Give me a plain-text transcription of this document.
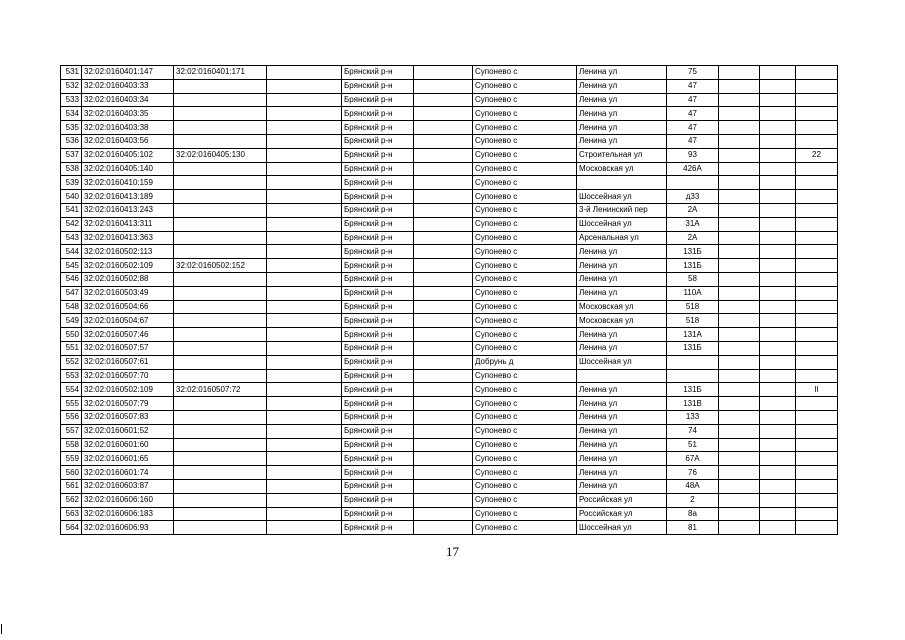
531	32:02:0160401:147	32:02:0160401:171		Брянский р-н		Супонево с	Ленина ул	75			
532	32:02:0160403:33			Брянский р-н		Супонево с	Ленина ул	47			
533	32:02:0160403:34			Брянский р-н		Супонево с	Ленина ул	47			
534	32:02:0160403:35			Брянский р-н		Супонево с	Ленина ул	47			
535	32:02:0160403:38			Брянский р-н		Супонево с	Ленина ул	47			
536	32:02:0160403:56			Брянский р-н		Супонево с	Ленина ул	47			
537	32:02:0160405:102	32:02:0160405:130		Брянский р-н		Супонево с	Строительная ул	93			22
538	32:02:0160405:140			Брянский р-н		Супонево с	Московская ул	426А			
539	32:02:0160410:159			Брянский р-н		Супонево с					
540	32:02:0160413:189			Брянский р-н		Супонево с	Шоссейная ул	д33			
541	32:02:0160413:243			Брянский р-н		Супонево с	3-й Ленинский пер	2А			
542	32:02:0160413:311			Брянский р-н		Супонево с	Шоссейная ул	31А			
543	32:02:0160413:363			Брянский р-н		Супонево с	Арсенальная ул	2А			
544	32:02:0160502:113			Брянский р-н		Супонево с	Ленина ул	131Б			
545	32:02:0160502:109	32:02:0160502:152		Брянский р-н		Супонево с	Ленина ул	131Б			
546	32:02:0160502:88			Брянский р-н		Супонево с	Ленина ул	58			
547	32:02:0160503:49			Брянский р-н		Супонево с	Ленина ул	110А			
548	32:02:0160504:66			Брянский р-н		Супонево с	Московская ул	518			
549	32:02:0160504:67			Брянский р-н		Супонево с	Московская ул	518			
550	32:02:0160507:46			Брянский р-н		Супонево с	Ленина ул	131А			
551	32:02:0160507:57			Брянский р-н		Супонево с	Ленина ул	131Б			
552	32:02:0160507:61			Брянский р-н		Добрунь д	Шоссейная ул				
553	32:02:0160507:70			Брянский р-н		Супонево с					
554	32:02:0160502:109	32:02:0160507:72		Брянский р-н		Супонево с	Ленина ул	131Б			II
555	32:02:0160507:79			Брянский р-н		Супонево с	Ленина ул	131В			
556	32:02:0160507:83			Брянский р-н		Супонево с	Ленина ул	133			
557	32:02:0160601:52			Брянский р-н		Супонево с	Ленина ул	74			
558	32:02:0160601:60			Брянский р-н		Супонево с	Ленина ул	51			
559	32:02:0160601:65			Брянский р-н		Супонево с	Ленина ул	67А			
560	32:02:0160601:74			Брянский р-н		Супонево с	Ленина ул	76			
561	32:02:0160603:87			Брянский р-н		Супонево с	Ленина ул	48А			
562	32:02:0160606:160			Брянский р-н		Супонево с	Российская ул	2			
563	32:02:0160606:183			Брянский р-н		Супонево с	Российская ул	8а			
564	32:02:0160606:93			Брянский р-н		Супонево с	Шоссейная ул	81			
17
